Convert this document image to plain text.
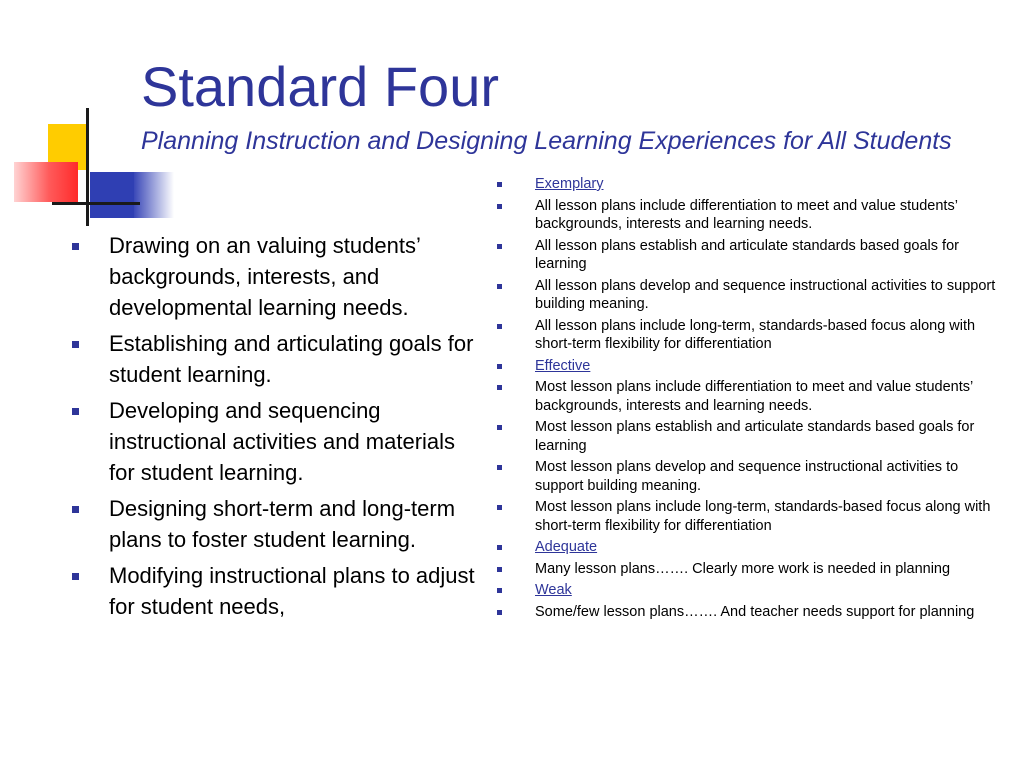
Standard Four
Planning Instruction and Designing Learning Experiences for All Students
Drawing on an valuing students’ backgrounds, interests, and developmental learning needs.
Establishing and articulating goals for student learning.
Developing and sequencing instructional activities and materials for student learning.
Designing short-term and long-term plans to foster student learning.
Modifying instructional plans to adjust for student needs,
Exemplary
All lesson plans include differentiation to meet and value students’ backgrounds, interests and learning needs.
All lesson plans establish and articulate standards based goals for learning
All lesson plans develop and sequence instructional activities to support building meaning.
All lesson plans include long-term, standards-based focus along with short-term flexibility for differentiation
Effective
Most lesson plans include differentiation to meet and value students’ backgrounds, interests and learning needs.
Most lesson plans establish and articulate standards based goals for learning
Most lesson plans develop and sequence instructional activities to support building meaning.
Most lesson plans include long-term, standards-based focus along with short-term flexibility for differentiation
Adequate
Many lesson plans……. Clearly more work is needed in planning
Weak
Some/few lesson plans……. And teacher needs support for planning
